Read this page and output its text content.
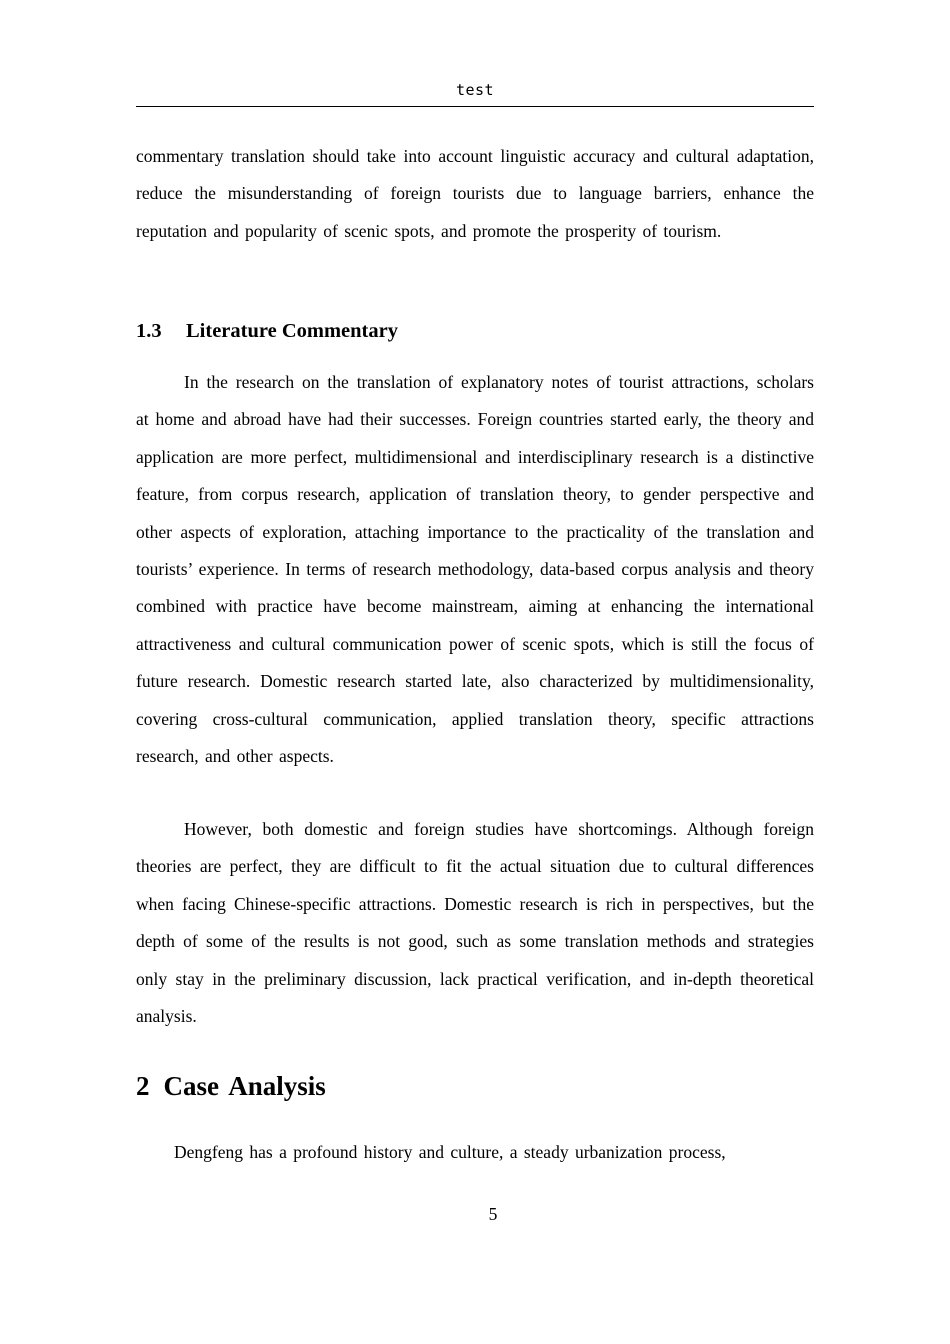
test

commentary translation should take into account linguistic accuracy and cultural adaptation, reduce the misunderstanding of foreign tourists due to language barriers, enhance the reputation and popularity of scenic spots, and promote the prosperity of tourism.

1.3 Literature Commentary

In the research on the translation of explanatory notes of tourist attractions, scholars at home and abroad have had their successes. Foreign countries started early, the theory and application are more perfect, multidimensional and interdisciplinary research is a distinctive feature, from corpus research, application of translation theory, to gender perspective and other aspects of exploration, attaching importance to the practicality of the translation and tourists’ experience. In terms of research methodology, data-based corpus analysis and theory combined with practice have become mainstream, aiming at enhancing the international attractiveness and cultural communication power of scenic spots, which is still the focus of future research. Domestic research started late, also characterized by multidimensionality, covering cross-cultural communication, applied translation theory, specific attractions research, and other aspects.

However, both domestic and foreign studies have shortcomings. Although foreign theories are perfect, they are difficult to fit the actual situation due to cultural differences when facing Chinese-specific attractions. Domestic research is rich in perspectives, but the depth of some of the results is not good, such as some translation methods and strategies only stay in the preliminary discussion, lack practical verification, and in-depth theoretical analysis.

2 Case Analysis

Dengfeng has a profound history and culture, a steady urbanization process,

5
